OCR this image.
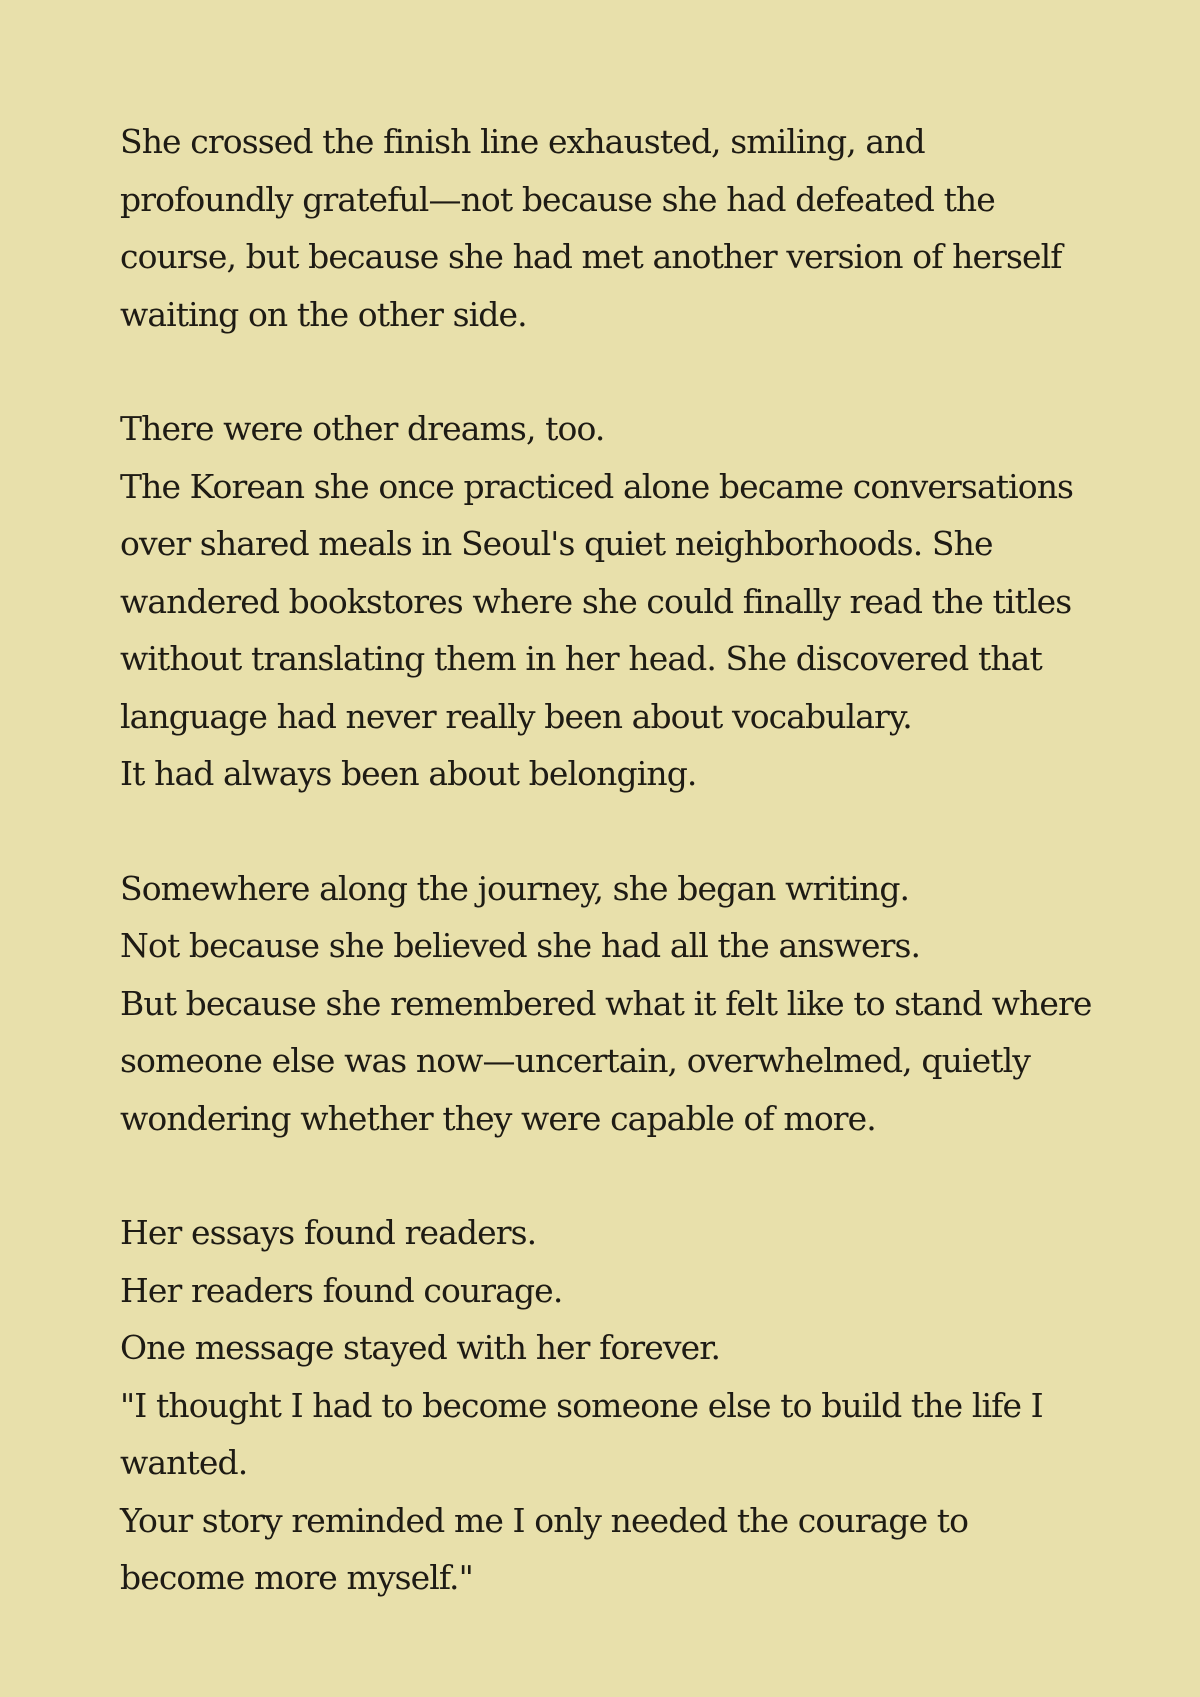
She crossed the finish line exhausted, smiling, and
profoundly grateful—not because she had defeated the
course, but because she had met another version of herself
waiting on the other side.
There were other dreams, too.
The Korean she once practiced alone became conversations
over shared meals in Seoul's quiet neighborhoods. She
wandered bookstores where she could finally read the titles
without translating them in her head. She discovered that
language had never really been about vocabulary.
It had always been about belonging.
Somewhere along the journey, she began writing.
Not because she believed she had all the answers.
But because she remembered what it felt like to stand where
someone else was now—uncertain, overwhelmed, quietly
wondering whether they were capable of more.
Her essays found readers.
Her readers found courage.
One message stayed with her forever.
"I thought I had to become someone else to build the life I
wanted.
Your story reminded me I only needed the courage to
become more myself."
